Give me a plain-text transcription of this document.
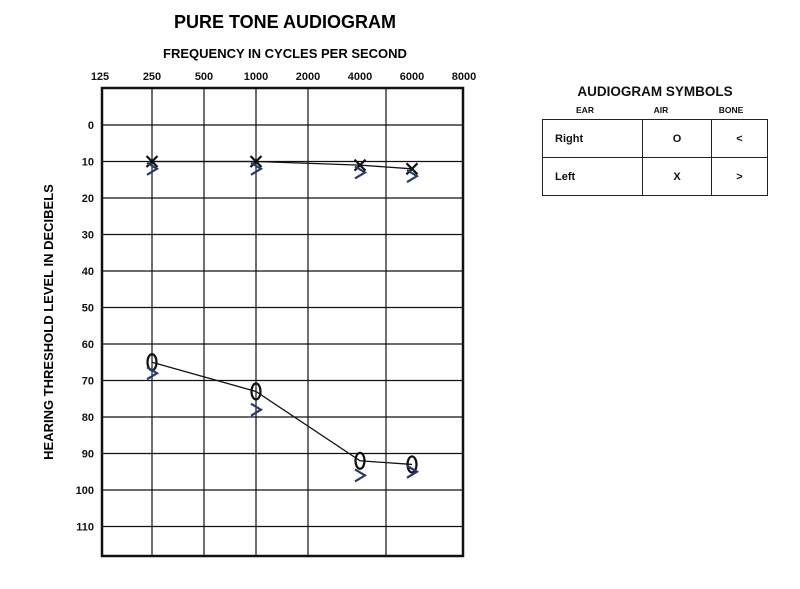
PURE TONE AUDIOGRAM
FREQUENCY IN CYCLES PER SECOND
HEARING THRESHOLD LEVEL IN DECIBELS
125	250	500	1000	2000	4000	6000	8000
0
10
20
30
40
50
60
70
80
90
100
110
AUDIOGRAM SYMBOLS
EAR	AIR	BONE
Right	O	<
Left	X	>
